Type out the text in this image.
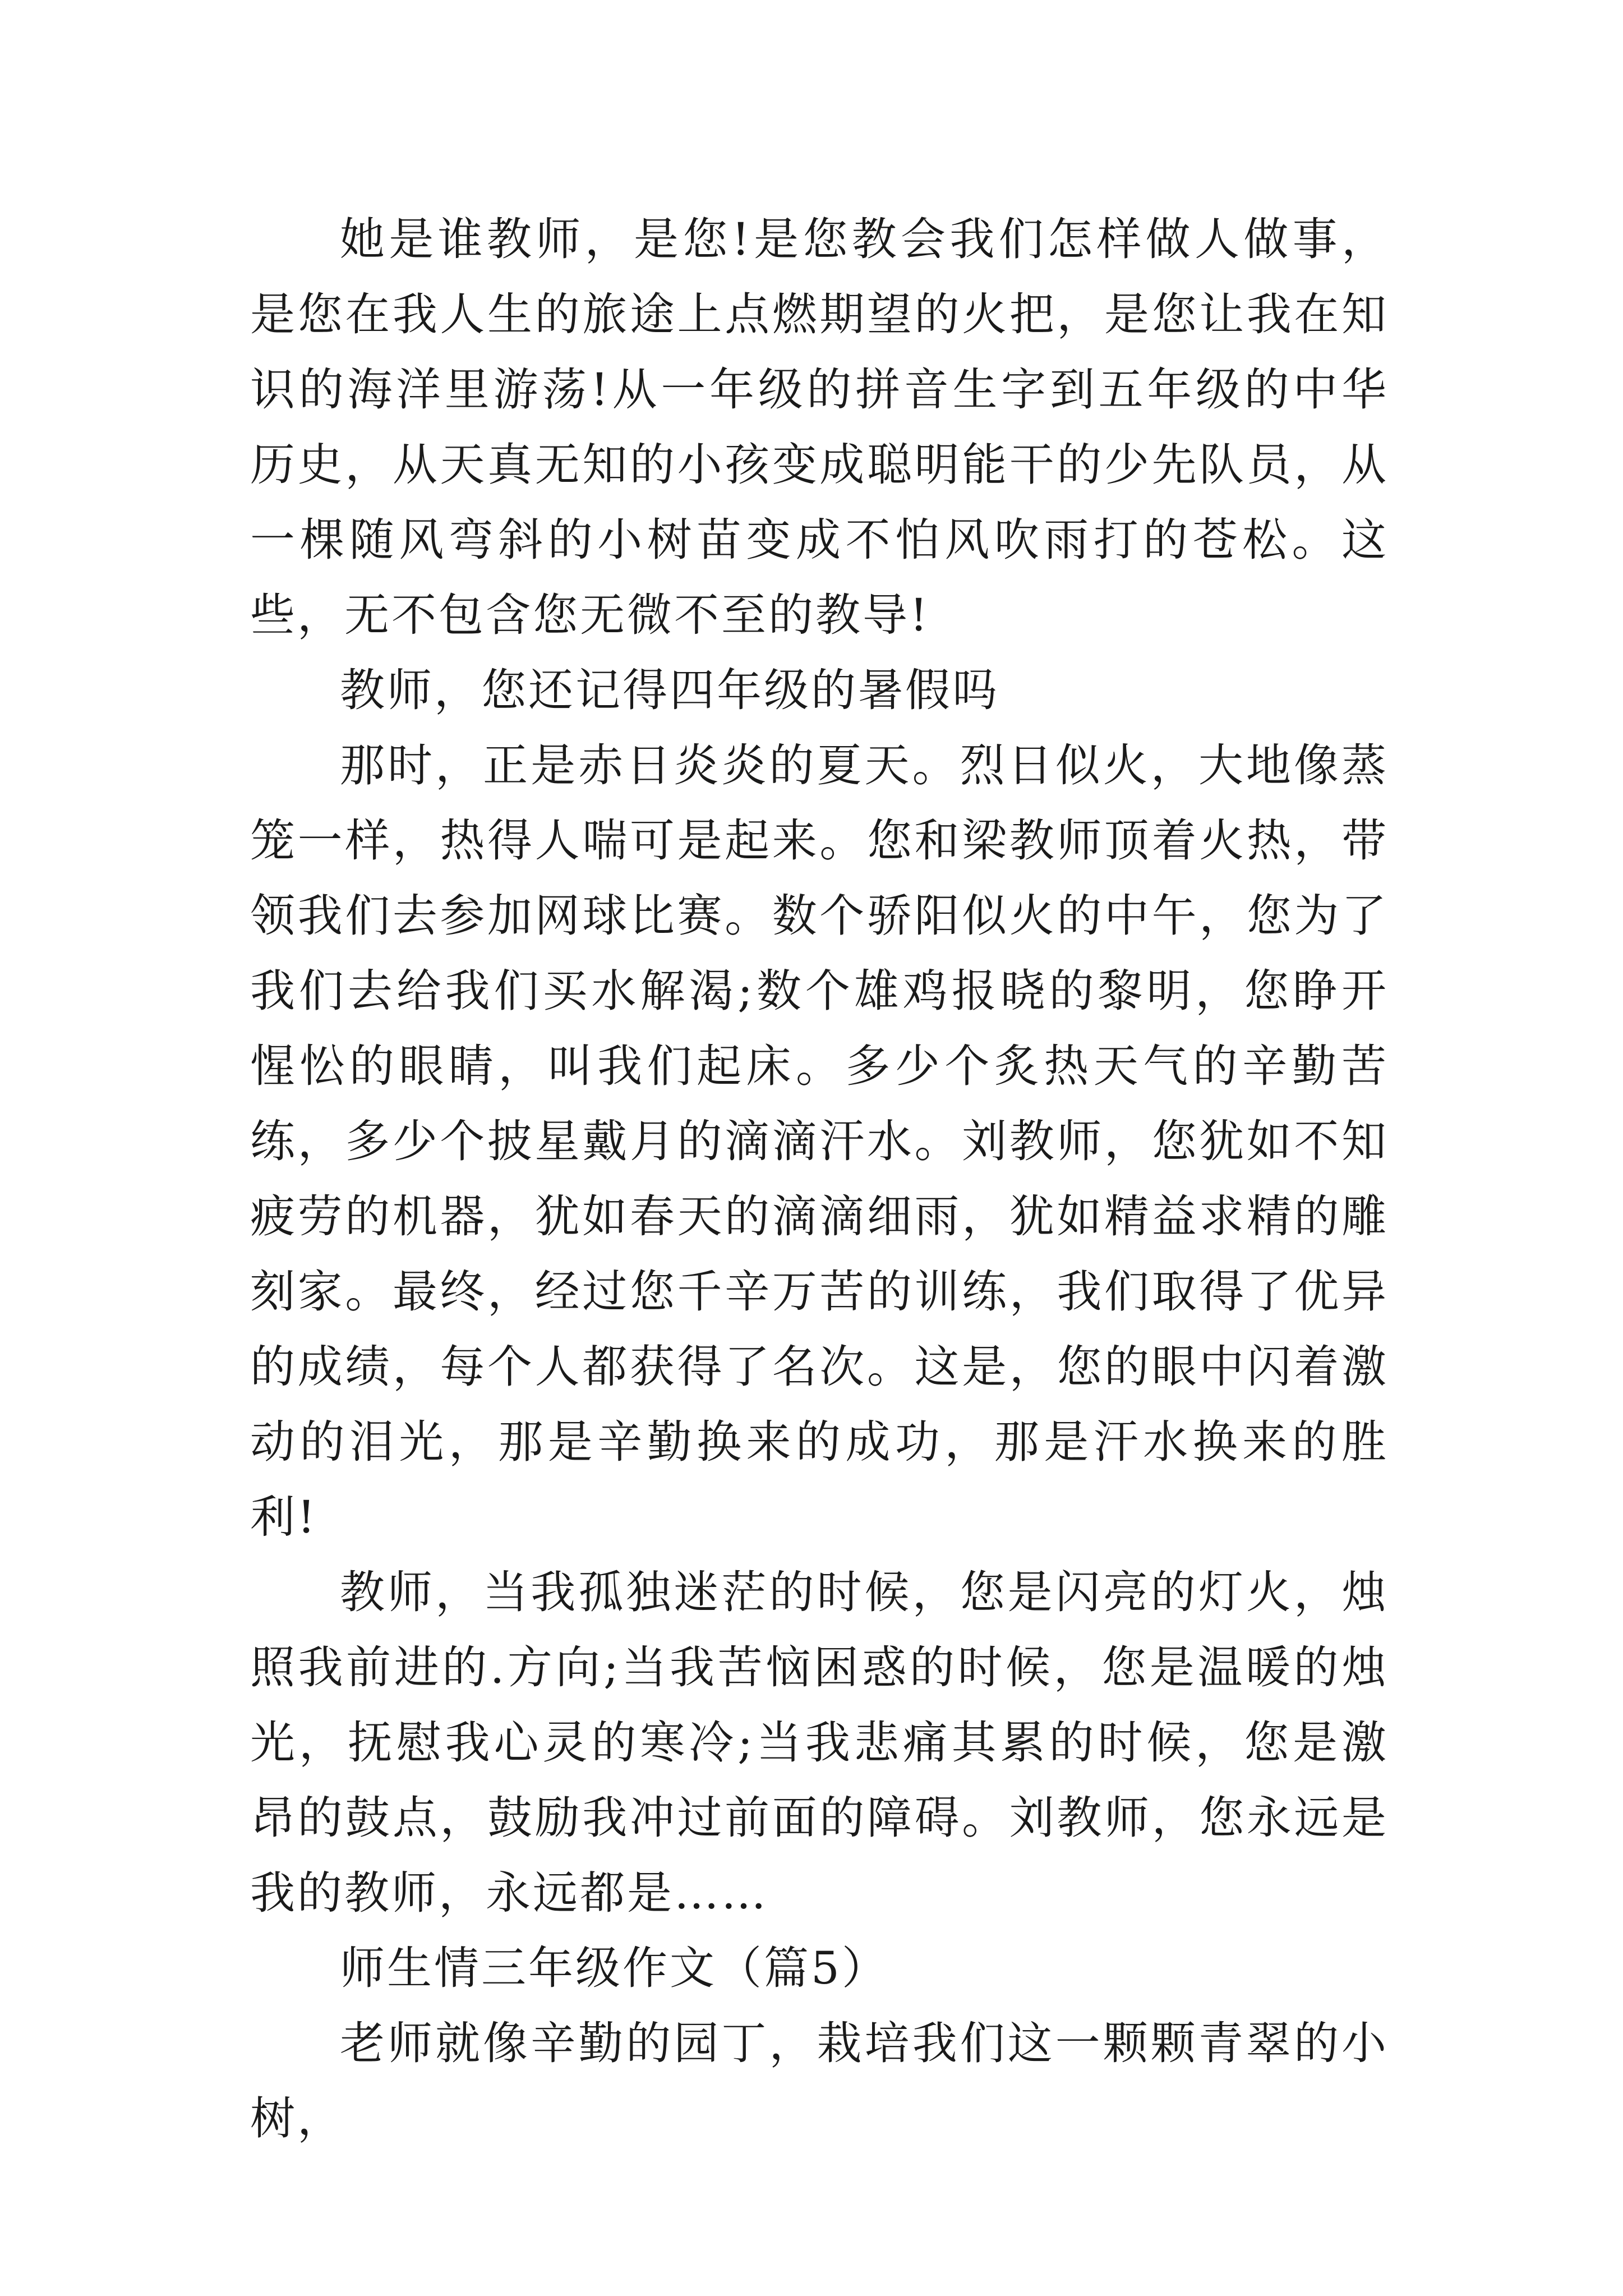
她是谁教师，是您!是您教会我们怎样做人做事，是您在我人生的旅途上点燃期望的火把，是您让我在知识的海洋里游荡!从一年级的拼音生字到五年级的中华历史，从天真无知的小孩变成聪明能干的少先队员，从一棵随风弯斜的小树苗变成不怕风吹雨打的苍松。这些，无不包含您无微不至的教导!

教师，您还记得四年级的暑假吗

那时，正是赤日炎炎的夏天。烈日似火，大地像蒸笼一样，热得人喘可是起来。您和梁教师顶着火热，带领我们去参加网球比赛。数个骄阳似火的中午，您为了我们去给我们买水解渴;数个雄鸡报晓的黎明，您睁开惺忪的眼睛，叫我们起床。多少个炙热天气的辛勤苦练，多少个披星戴月的滴滴汗水。刘教师，您犹如不知疲劳的机器，犹如春天的滴滴细雨，犹如精益求精的雕刻家。最终，经过您千辛万苦的训练，我们取得了优异的成绩，每个人都获得了名次。这是，您的眼中闪着激动的泪光，那是辛勤换来的成功，那是汗水换来的胜利!

教师，当我孤独迷茫的时候，您是闪亮的灯火，烛照我前进的.方向;当我苦恼困惑的时候，您是温暖的烛光，抚慰我心灵的寒冷;当我悲痛其累的时候，您是激昂的鼓点，鼓励我冲过前面的障碍。刘教师，您永远是我的教师，永远都是……

师生情三年级作文（篇5）

老师就像辛勤的园丁，栽培我们这一颗颗青翠的小树，
